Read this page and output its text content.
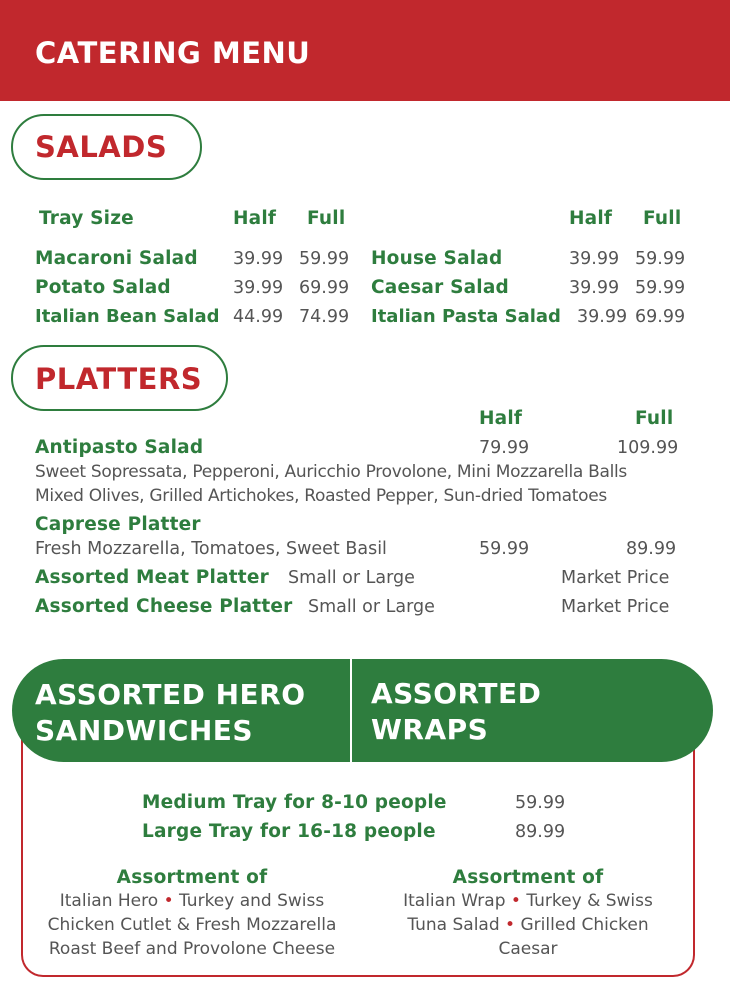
CATERING MENU
SALADS
Tray Size	Half Full	Half Full
Macaroni Salad 39.99 59.99
Potato Salad	39.99 69.99
Italian Bean Salad 44.99 74.99
House Salad	39.99 59.99
Caesar Salad	39.99 59.99
Italian Pasta Salad 39.99 69.99
PLATTERS
Half	Full
Antipasto Salad	79.99	109.99
Sweet Sopressata, Pepperoni, Auricchio Provolone, Mini Mozzarella Balls
Mixed Olives, Grilled Artichokes, Roasted Pepper, Sun-dried Tomatoes
Caprese Platter
Fresh Mozzarella, Tomatoes, Sweet Basil	59.99	89.99
Assorted Meat Platter Small or Large	Market Price
Assorted Cheese Platter Small or Large	Market Price
ASSORTED HERO
SANDWICHES
ASSORTED
WRAPS
Medium Tray for 8-10 people	59.99
Large Tray for 16-18 people	89.99
Assortment of
Italian Hero • Turkey and Swiss
Chicken Cutlet & Fresh Mozzarella
Roast Beef and Provolone Cheese
Assortment of
Italian Wrap • Turkey & Swiss
Tuna Salad • Grilled Chicken
Caesar
